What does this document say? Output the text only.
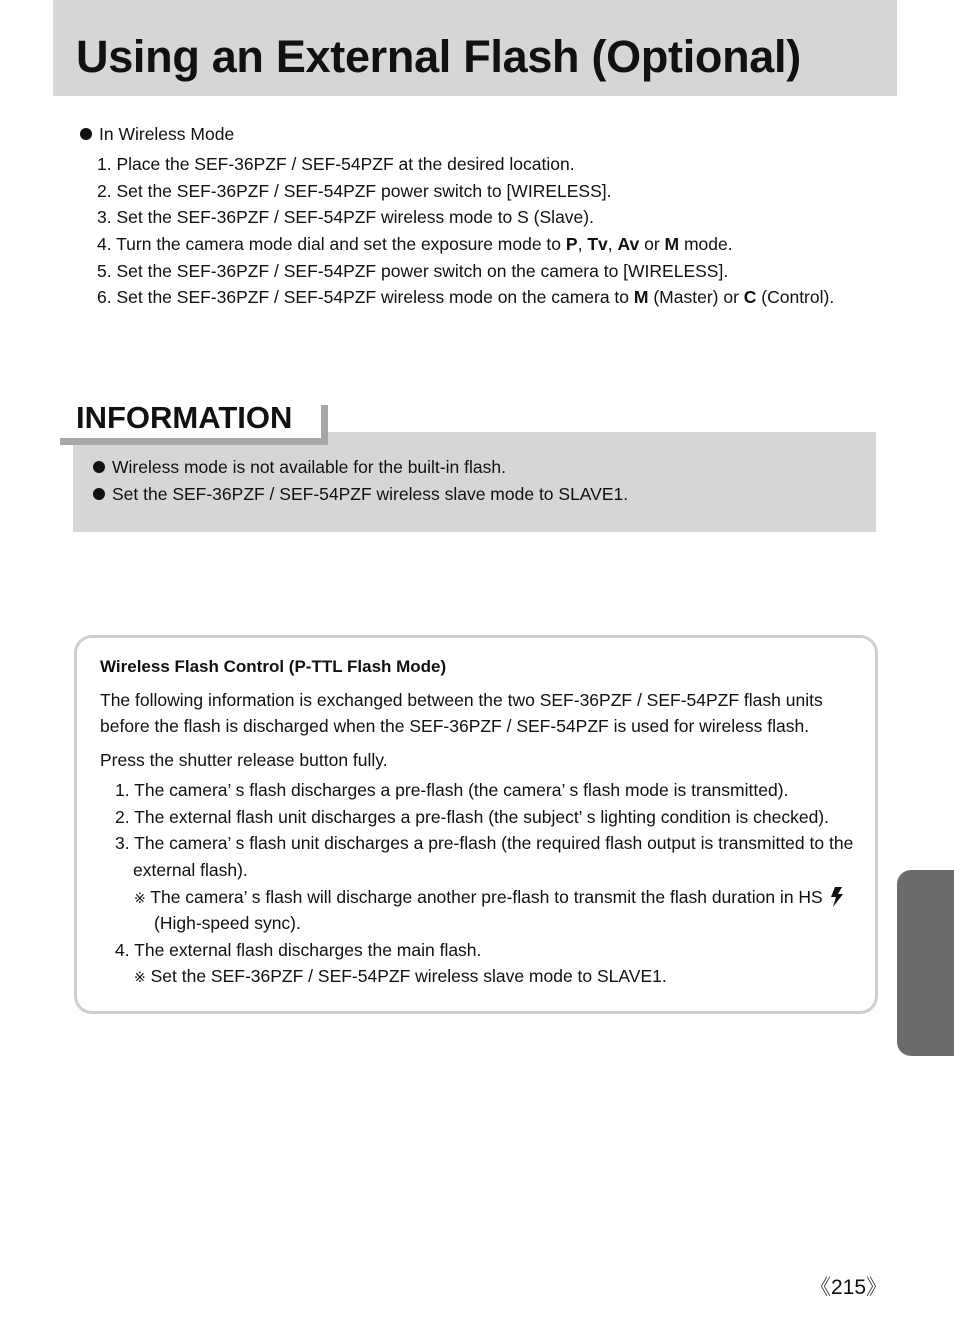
Using an External Flash (Optional)
In Wireless Mode
1. Place the SEF-36PZF / SEF-54PZF at the desired location.
2. Set the SEF-36PZF / SEF-54PZF power switch to [WIRELESS].
3. Set the SEF-36PZF / SEF-54PZF wireless mode to S (Slave).
4. Turn the camera mode dial and set the exposure mode to P, Tv, Av or M mode.
5. Set the SEF-36PZF / SEF-54PZF power switch on the camera to [WIRELESS].
6. Set the SEF-36PZF / SEF-54PZF wireless mode on the camera to M (Master) or C (Control).
Wireless mode is not available for the built-in flash.
Set the SEF-36PZF / SEF-54PZF wireless slave mode to SLAVE1.
INFORMATION
Wireless Flash Control (P-TTL Flash Mode)
The following information is exchanged between the two SEF-36PZF / SEF-54PZF flash units
before the flash is discharged when the SEF-36PZF / SEF-54PZF is used for wireless flash.
Press the shutter release button fully.
1. The camera’ s flash discharges a pre-flash (the camera’ s flash mode is transmitted).
2. The external flash unit discharges a pre-flash (the subject’ s lighting condition is checked).
3. The camera’ s flash unit discharges a pre-flash (the required flash output is transmitted to the
external flash).
※ The camera’ s flash will discharge another pre-flash to transmit the flash duration in HS
(High-speed sync).
4. The external flash discharges the main flash.
※ Set the SEF-36PZF / SEF-54PZF wireless slave mode to SLAVE1.
《215》
